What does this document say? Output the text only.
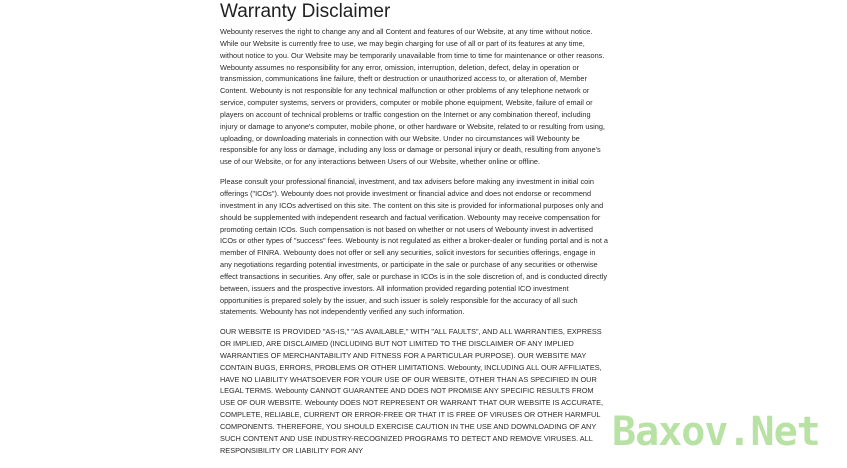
Warranty Disclaimer

Webounty reserves the right to change any and all Content and features of our Website, at any time without notice. While our Website is currently free to use, we may begin charging for use of all or part of its features at any time, without notice to you. Our Website may be temporarily unavailable from time to time for maintenance or other reasons. Webounty assumes no responsibility for any error, omission, interruption, deletion, defect, delay in operation or transmission, communications line failure, theft or destruction or unauthorized access to, or alteration of, Member Content. Webounty is not responsible for any technical malfunction or other problems of any telephone network or service, computer systems, servers or providers, computer or mobile phone equipment, Website, failure of email or players on account of technical problems or traffic congestion on the Internet or any combination thereof, including injury or damage to anyone's computer, mobile phone, or other hardware or Website, related to or resulting from using, uploading, or downloading materials in connection with our Website. Under no circumstances will Webounty be responsible for any loss or damage, including any loss or damage or personal injury or death, resulting from anyone's use of our Website, or for any interactions between Users of our Website, whether online or offline.

Please consult your professional financial, investment, and tax advisers before making any investment in initial coin offerings ("ICOs"). Webounty does not provide investment or financial advice and does not endorse or recommend investment in any ICOs advertised on this site. The content on this site is provided for informational purposes only and should be supplemented with independent research and factual verification. Webounty may receive compensation for promoting certain ICOs. Such compensation is not based on whether or not users of Webounty invest in advertised ICOs or other types of "success" fees. Webounty is not regulated as either a broker-dealer or funding portal and is not a member of FINRA. Webounty does not offer or sell any securities, solicit investors for securities offerings, engage in any negotiations regarding potential investments, or participate in the sale or purchase of any securities or otherwise effect transactions in securities. Any offer, sale or purchase in ICOs is in the sole discretion of, and is conducted directly between, issuers and the prospective investors. All information provided regarding potential ICO investment opportunities is prepared solely by the issuer, and such issuer is solely responsible for the accuracy of all such statements. Webounty has not independently verified any such information.

OUR WEBSITE IS PROVIDED "AS-IS," "AS AVAILABLE," WITH "ALL FAULTS", AND ALL WARRANTIES, EXPRESS OR IMPLIED, ARE DISCLAIMED (INCLUDING BUT NOT LIMITED TO THE DISCLAIMER OF ANY IMPLIED WARRANTIES OF MERCHANTABILITY AND FITNESS FOR A PARTICULAR PURPOSE). OUR WEBSITE MAY CONTAIN BUGS, ERRORS, PROBLEMS OR OTHER LIMITATIONS. Webounty, INCLUDING ALL OUR AFFILIATES, HAVE NO LIABILITY WHATSOEVER FOR YOUR USE OF OUR WEBSITE, OTHER THAN AS SPECIFIED IN OUR LEGAL TERMS. Webounty CANNOT GUARANTEE AND DOES NOT PROMISE ANY SPECIFIC RESULTS FROM USE OF OUR WEBSITE. Webounty DOES NOT REPRESENT OR WARRANT THAT OUR WEBSITE IS ACCURATE, COMPLETE, RELIABLE, CURRENT OR ERROR-FREE OR THAT IT IS FREE OF VIRUSES OR OTHER HARMFUL COMPONENTS. THEREFORE, YOU SHOULD EXERCISE CAUTION IN THE USE AND DOWNLOADING OF ANY SUCH CONTENT AND USE INDUSTRY-RECOGNIZED PROGRAMS TO DETECT AND REMOVE VIRUSES. ALL RESPONSIBILITY OR LIABILITY FOR ANY	Baxov.Net
